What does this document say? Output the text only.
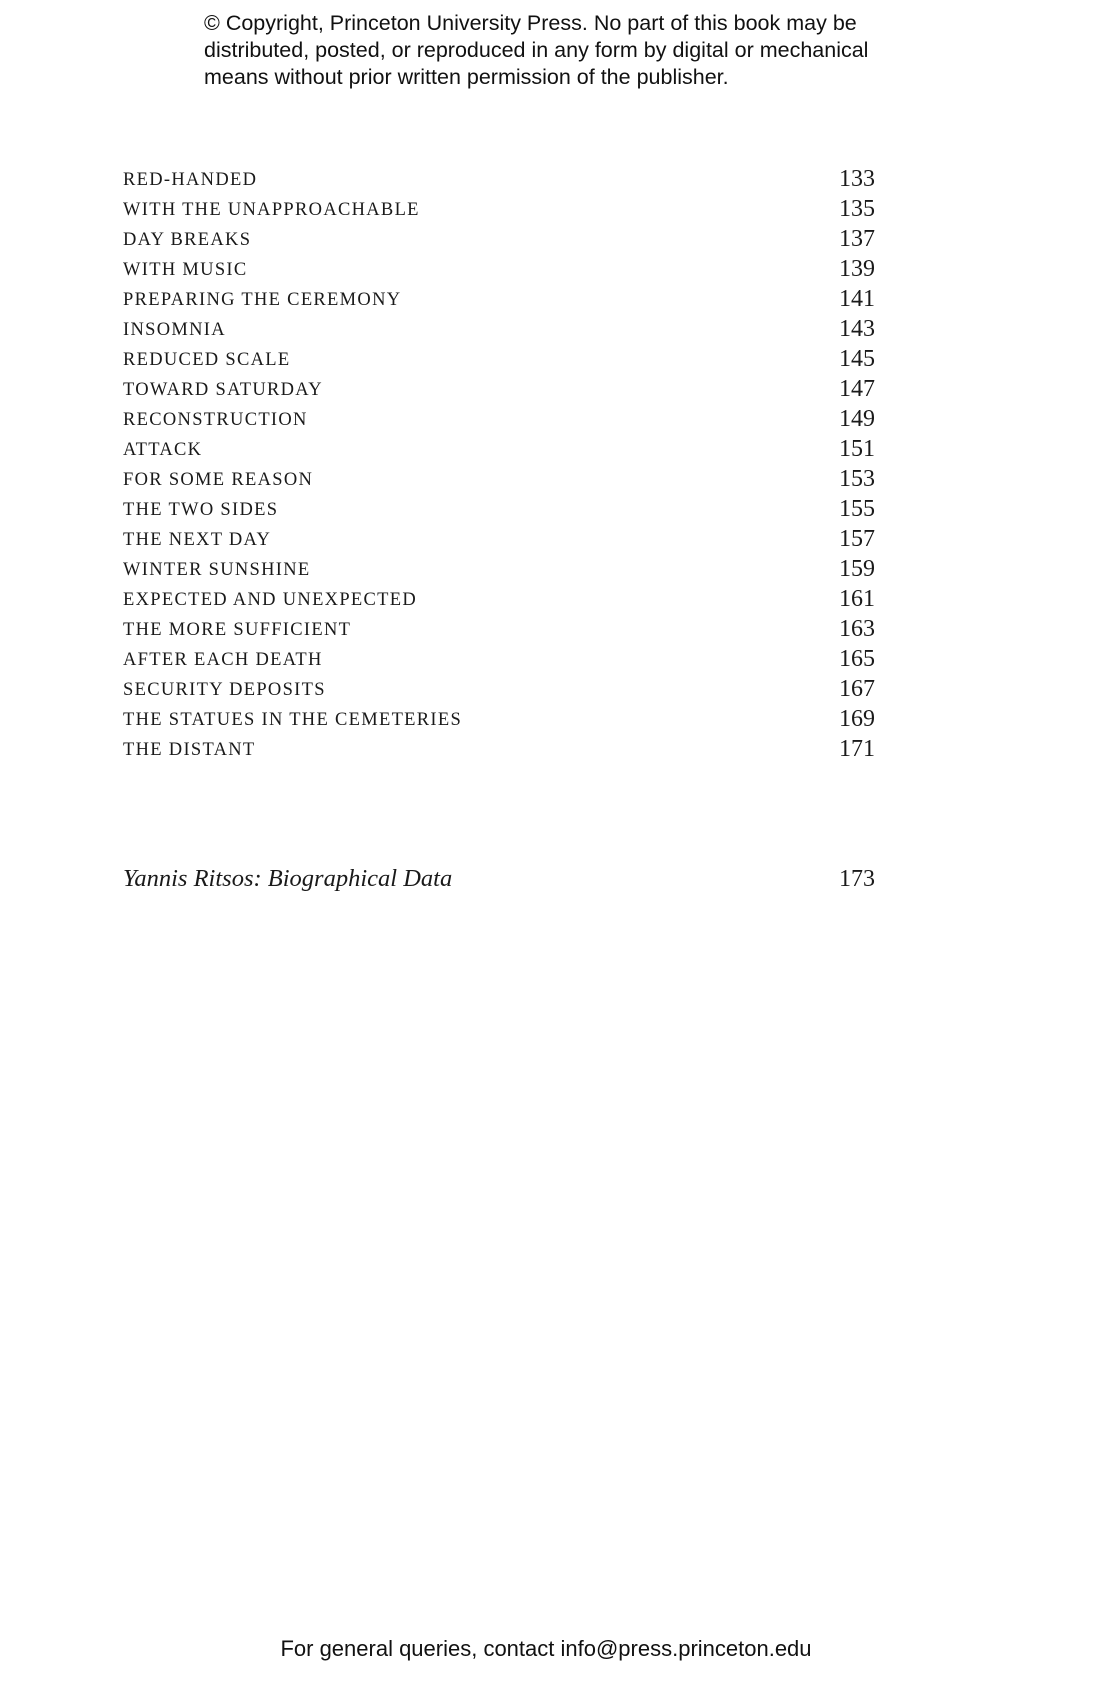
© Copyright, Princeton University Press. No part of this book may be
distributed, posted, or reproduced in any form by digital or mechanical
means without prior written permission of the publisher.
RED-HANDED	133
WITH THE UNAPPROACHABLE	135
DAY BREAKS	137
WITH MUSIC	139
PREPARING THE CEREMONY	141
INSOMNIA	143
REDUCED SCALE	145
TOWARD SATURDAY	147
RECONSTRUCTION	149
ATTACK	151
FOR SOME REASON	153
THE TWO SIDES	155
THE NEXT DAY	157
WINTER SUNSHINE	159
EXPECTED AND UNEXPECTED	161
THE MORE SUFFICIENT	163
AFTER EACH DEATH	165
SECURITY DEPOSITS	167
THE STATUES IN THE CEMETERIES	169
THE DISTANT	171
Yannis Ritsos: Biographical Data	173
For general queries, contact info@press.princeton.edu
